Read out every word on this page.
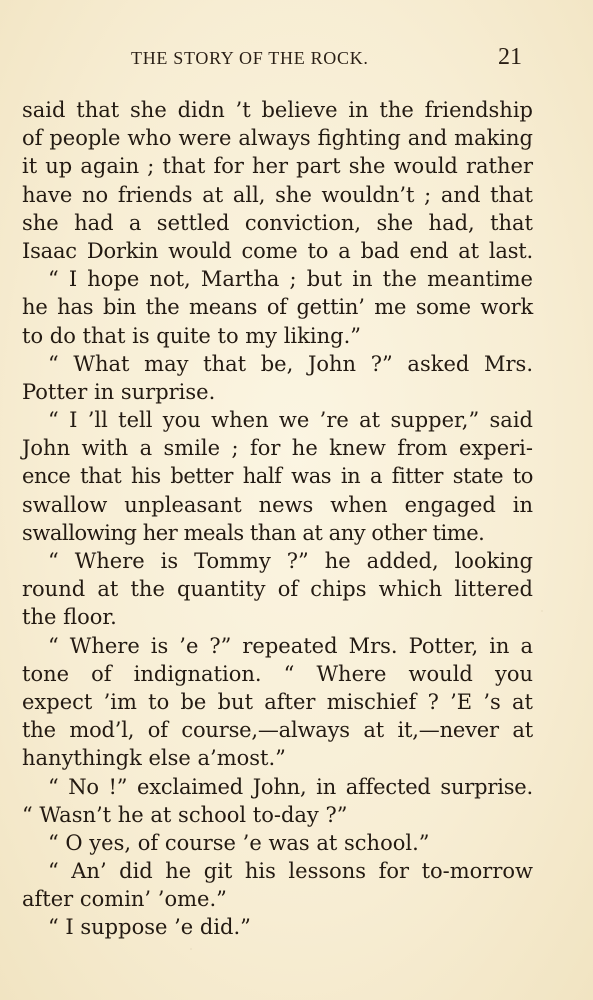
THE STORY OF THE ROCK.	21
said that she didn ’t believe in the friendship
of people who were always fighting and making
it up again ; that for her part she would rather
have no friends at all, she wouldn’t ; and that
she had a settled conviction, she had, that
Isaac Dorkin would come to a bad end at last.
“ I hope not, Martha ; but in the meantime
he has bin the means of gettin’ me some work
to do that is quite to my liking.”
“ What may that be, John ?” asked Mrs.
Potter in surprise.
“ I ’ll tell you when we ’re at supper,” said
John with a smile ; for he knew from experi-
ence that his better half was in a fitter state to
swallow unpleasant news when engaged in
swallowing her meals than at any other time.
“ Where is Tommy ?” he added, looking
round at the quantity of chips which littered
the floor.
“ Where is ’e ?” repeated Mrs. Potter, in a
tone of indignation. “ Where would you
expect ’im to be but after mischief ? ’E ’s at
the mod’l, of course,—always at it,—never at
hanythingk else a’most.”
“ No !” exclaimed John, in affected surprise.
“ Wasn’t he at school to-day ?”
“ O yes, of course ’e was at school.”
“ An’ did he git his lessons for to-morrow
after comin’ ’ome.”
“ I suppose ’e did.”
